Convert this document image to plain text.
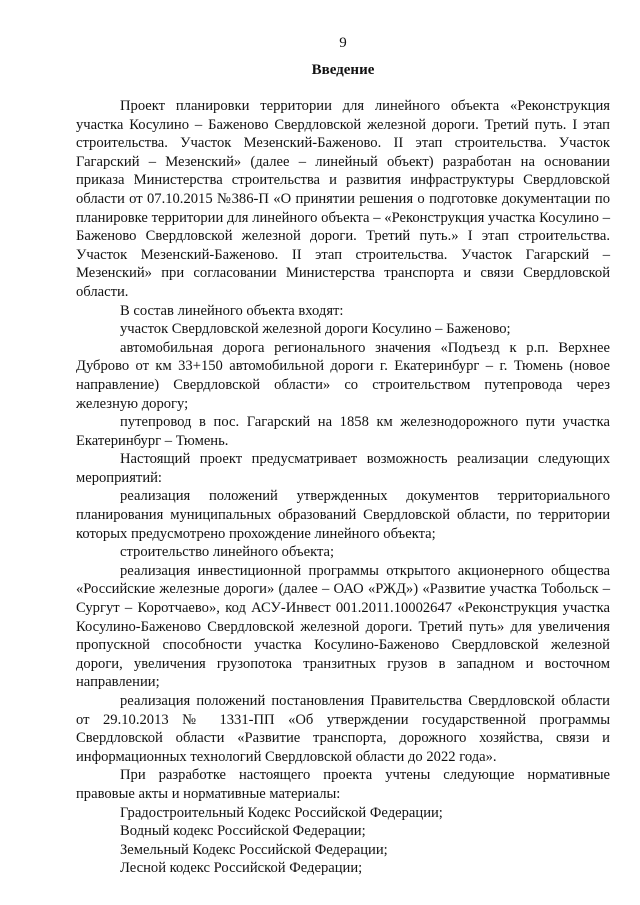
9
Введение

Проект планировки территории для линейного объекта «Реконструкция участка Косулино – Баженово Свердловской железной дороги. Третий путь. I этап строительства. Участок Мезенский-Баженово. II этап строительства. Участок Гагарский – Мезенский» (далее – линейный объект) разработан на основании приказа Министерства строительства и развития инфраструктуры Свердловской области от 07.10.2015 №386-П «О принятии решения о подготовке документации по планировке территории для линейного объекта – «Реконструкция участка Косулино – Баженово Свердловской железной дороги. Третий путь.» I этап строительства. Участок Мезенский-Баженово. II этап строительства. Участок Гагарский – Мезенский» при согласовании Министерства транспорта и связи Свердловской области.

В состав линейного объекта входят:

участок Свердловской железной дороги Косулино – Баженово;

автомобильная дорога регионального значения «Подъезд к р.п. Верхнее Дуброво от км 33+150 автомобильной дороги г. Екатеринбург – г. Тюмень (новое направление) Свердловской области» со строительством путепровода через железную дорогу;

путепровод в пос. Гагарский на 1858 км железнодорожного пути участка Екатеринбург – Тюмень.

Настоящий проект предусматривает возможность реализации следующих мероприятий:

реализация положений утвержденных документов территориального планирования муниципальных образований Свердловской области, по территории которых предусмотрено прохождение линейного объекта;

строительство линейного объекта;

реализация инвестиционной программы открытого акционерного общества «Российские железные дороги» (далее – ОАО «РЖД») «Развитие участка Тобольск – Сургут – Коротчаево», код АСУ-Инвест 001.2011.10002647 «Реконструкция участка Косулино-Баженово Свердловской железной дороги. Третий путь» для увеличения пропускной способности участка Косулино-Баженово Свердловской железной дороги, увеличения грузопотока транзитных грузов в западном и восточном направлении;

реализация положений постановления Правительства Свердловской области от 29.10.2013 № 1331-ПП «Об утверждении государственной программы Свердловской области «Развитие транспорта, дорожного хозяйства, связи и информационных технологий Свердловской области до 2022 года».

При разработке настоящего проекта учтены следующие нормативные правовые акты и нормативные материалы:

Градостроительный Кодекс Российской Федерации;

Водный кодекс Российской Федерации;

Земельный Кодекс Российской Федерации;

Лесной кодекс Российской Федерации;
